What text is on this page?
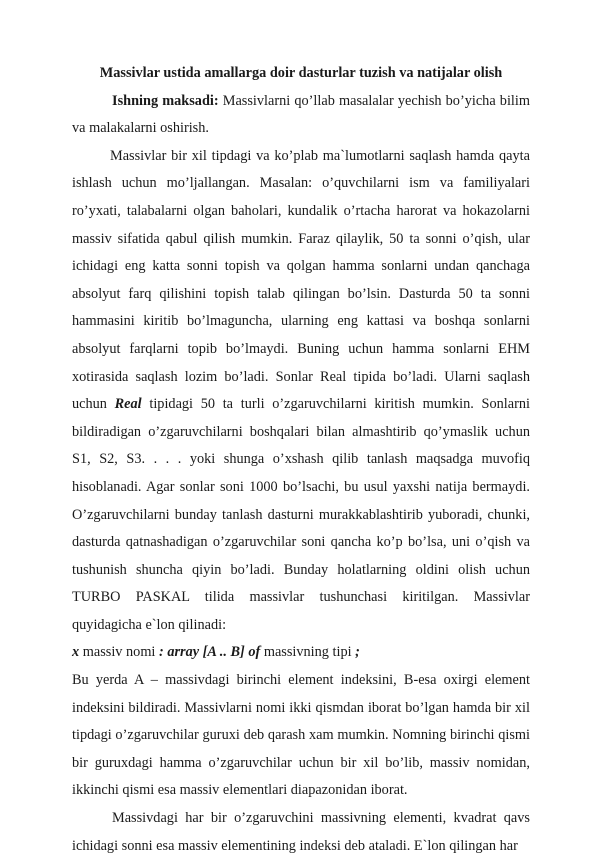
Massivlar ustida amallarga doir dasturlar tuzish va natijalar olish

Ishning maksadi: Massivlarni qo’llab masalalar yechish bo’yicha bilim va malakalarni oshirish.

Massivlar bir xil tipdagi va ko’plab ma`lumotlarni saqlash hamda qayta ishlash uchun mo’ljallangan. Masalan: o’quvchilarni ism va familiyalari ro’yxati, talabalarni olgan baholari, kundalik o’rtacha harorat va hokazolarni massiv sifatida qabul qilish mumkin. Faraz qilaylik, 50 ta sonni o’qish, ular ichidagi eng katta sonni topish va qolgan hamma sonlarni undan qanchaga absolyut farq qilishini topish talab qilingan bo’lsin. Dasturda 50 ta sonni hammasini kiritib bo’lmaguncha, ularning eng kattasi va boshqa sonlarni absolyut farqlarni topib bo’lmaydi. Buning uchun hamma sonlarni EHM xotirasida saqlash lozim bo’ladi. Sonlar Real tipida bo’ladi. Ularni saqlash uchun Real tipidagi 50 ta turli o’zgaruvchilarni kiritish mumkin. Sonlarni bildiradigan o’zgaruvchilarni boshqalari bilan almashtirib qo’ymaslik uchun S1, S2, S3. . . . yoki shunga o’xshash qilib tanlash maqsadga muvofiq hisoblanadi. Agar sonlar soni 1000 bo’lsachi, bu usul yaxshi natija bermaydi. O’zgaruvchilarni bunday tanlash dasturni murakkablashtirib yuboradi, chunki, dasturda qatnashadigan o’zgaruvchilar soni qancha ko’p bo’lsa, uni o’qish va tushunish shuncha qiyin bo’ladi. Bunday holatlarning oldini olish uchun TURBO PASKAL tilida massivlar tushunchasi kiritilgan. Massivlar quyidagicha e`lon qilinadi:

x massiv nomi : array [A .. B] of massivning tipi ;

Bu yerda A – massivdagi birinchi element indeksini, B-esa oxirgi element indeksini bildiradi. Massivlarni nomi ikki qismdan iborat bo’lgan hamda bir xil tipdagi o’zgaruvchilar guruxi deb qarash xam mumkin. Nomning birinchi qismi bir guruxdagi hamma o’zgaruvchilar uchun bir xil bo’lib, massiv nomidan, ikkinchi qismi esa massiv elementlari diapazonidan iborat.

Massivdagi har bir o’zgaruvchini massivning elementi, kvadrat qavs ichidagi sonni esa massiv elementining indeksi deb ataladi. E`lon qilingan har
